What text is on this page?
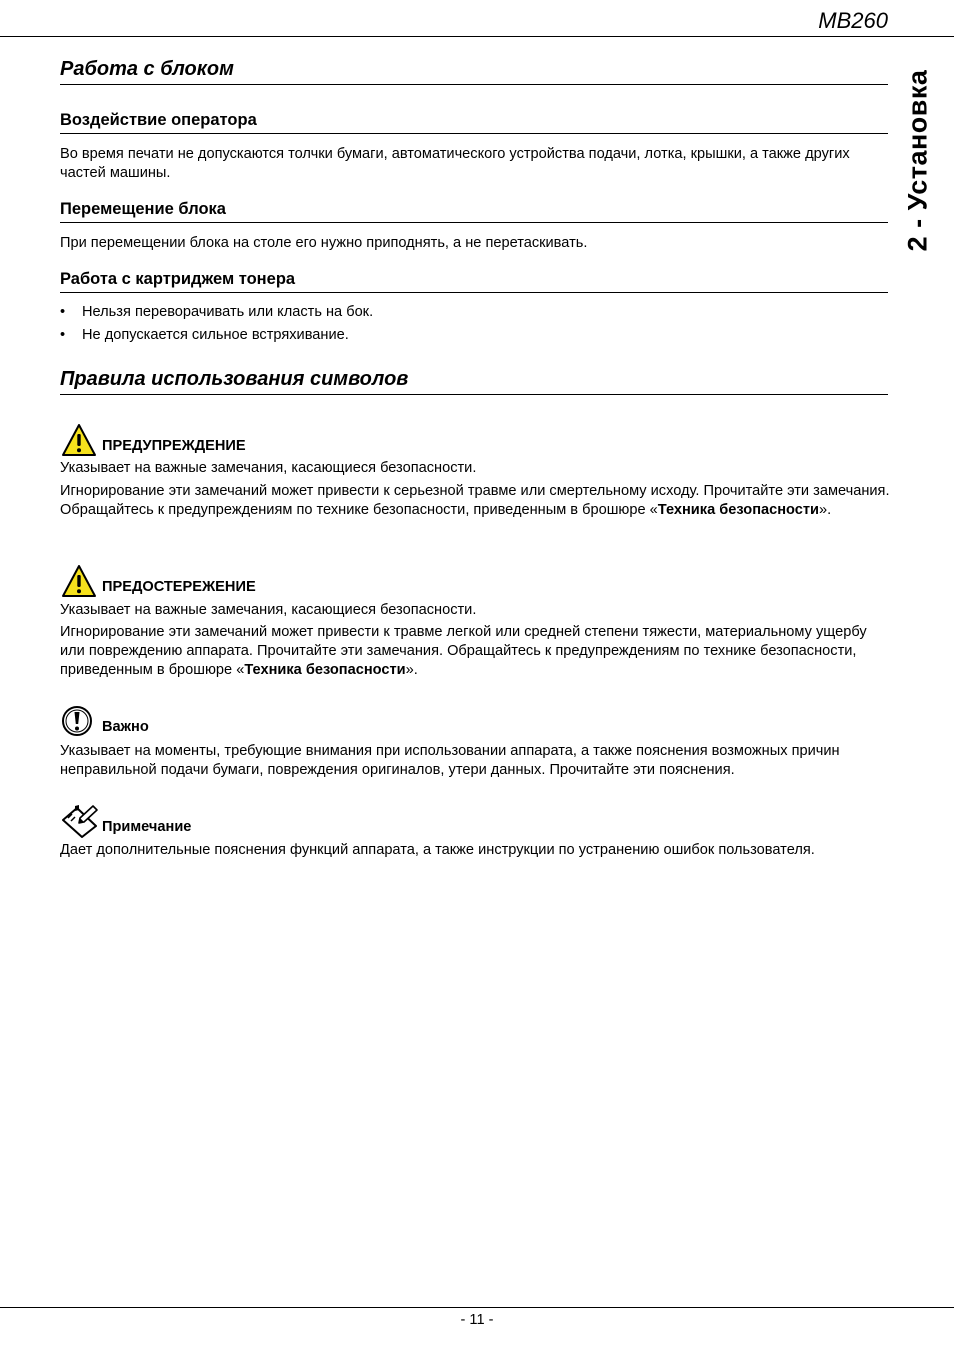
MB260
2 - Установка
Работа с блоком
Воздействие оператора
Во время печати не допускаются толчки бумаги, автоматического устройства подачи, лотка, крышки, а также других частей машины.
Перемещение блока
При перемещении блока на столе его нужно приподнять, а не перетаскивать.
Работа с картриджем тонера
• Нельзя переворачивать или класть на бок.
• Не допускается сильное встряхивание.
Правила использования символов
ПРЕДУПРЕЖДЕНИЕ
Указывает на важные замечания, касающиеся безопасности.
Игнорирование эти замечаний может привести к серьезной травме или смертельному исходу. Прочитайте эти замечания. Обращайтесь к предупреждениям по технике безопасности, приведенным в брошюре «Техника безопасности».
ПРЕДОСТЕРЕЖЕНИЕ
Указывает на важные замечания, касающиеся безопасности.
Игнорирование эти замечаний может привести к травме легкой или средней степени тяжести, материальному ущербу или повреждению аппарата. Прочитайте эти замечания. Обращайтесь к предупреждениям по технике безопасности, приведенным в брошюре «Техника безопасности».
Важно
Указывает на моменты, требующие внимания при использовании аппарата, а также пояснения возможных причин неправильной подачи бумаги, повреждения оригиналов, утери данных. Прочитайте эти пояснения.
Примечание
Дает дополнительные пояснения функций аппарата, а также инструкции по устранению ошибок пользователя.
- 11 -
